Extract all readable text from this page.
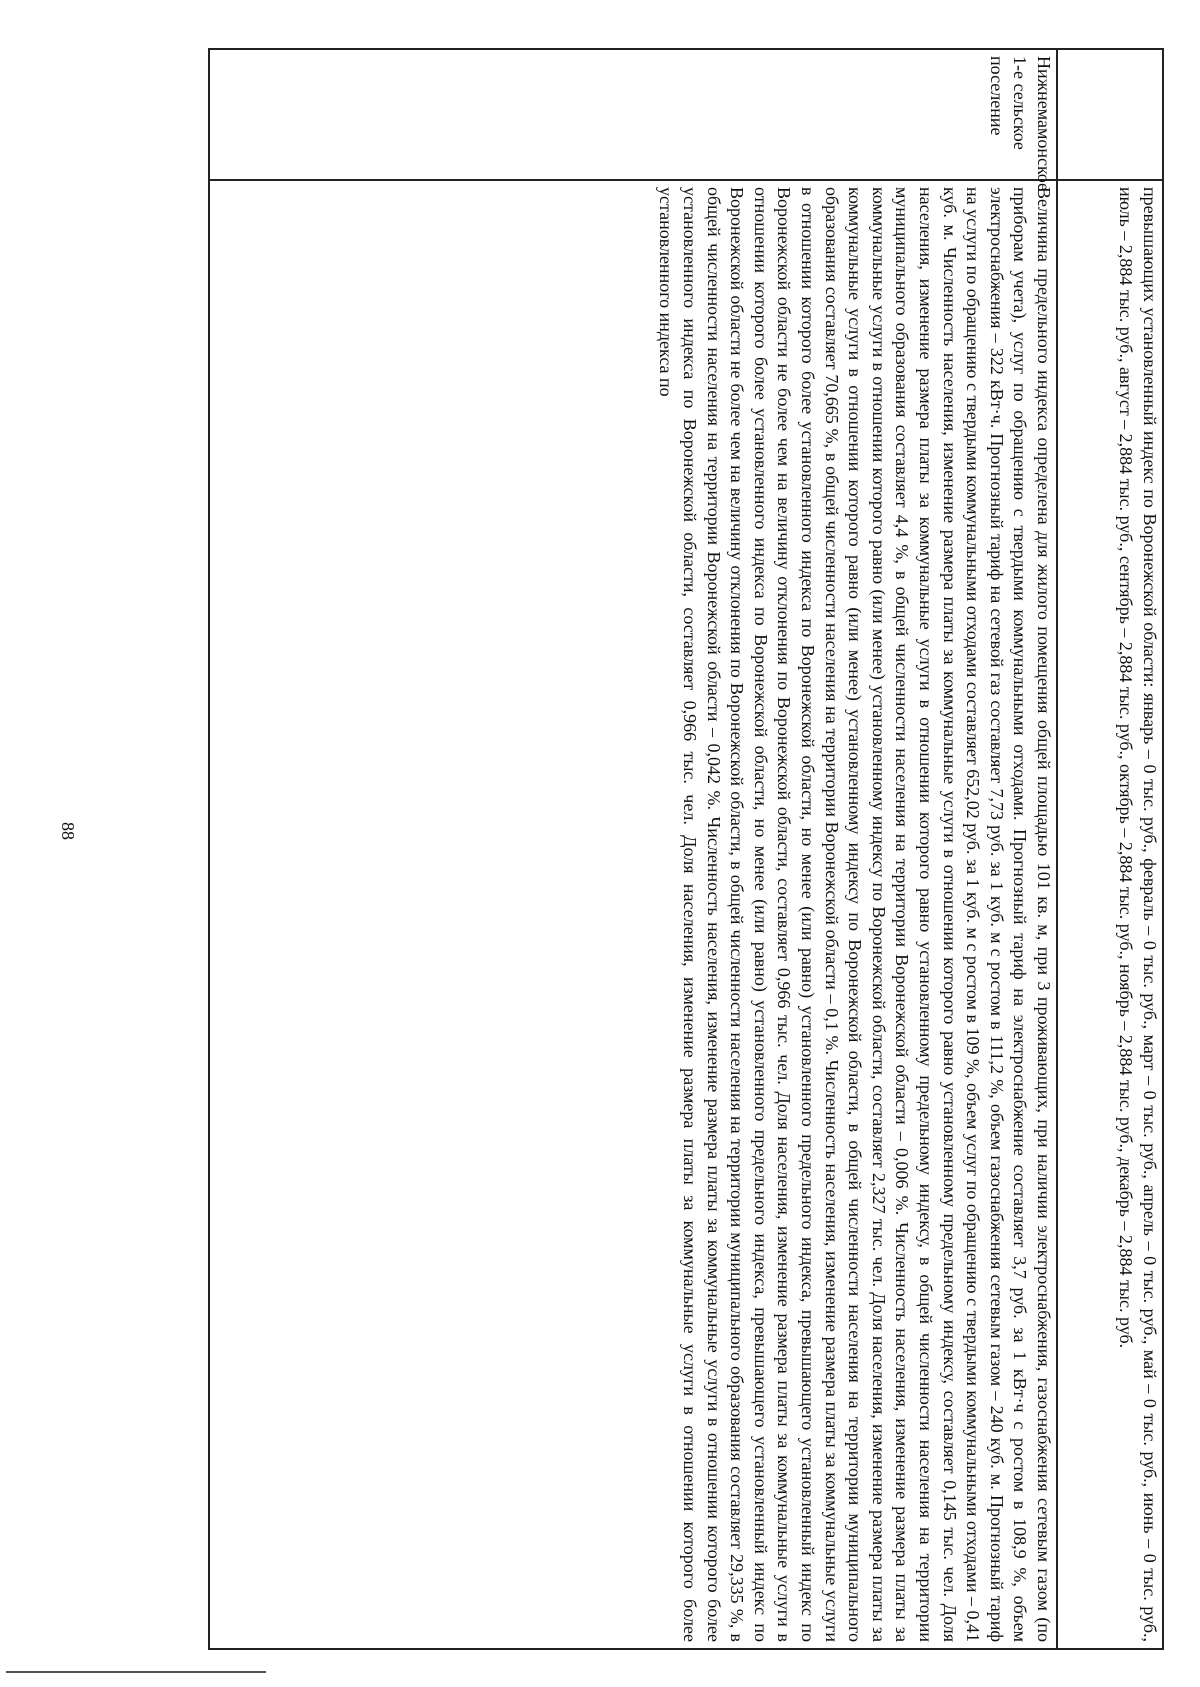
88
		превышающих установленный индекс по Воронежской области: январь – 0 тыс. руб., февраль – 0 тыс. руб., март – 0 тыс. руб., апрель – 0 тыс. руб., май – 0 тыс. руб., июнь – 0 тыс. руб., июль – 2,884 тыс. руб., август – 2,884 тыс. руб., сентябрь – 2,884 тыс. руб., октябрь – 2,884 тыс. руб., ноябрь – 2,884 тыс. руб., декабрь – 2,884 тыс. руб.
Нижнемамонское 1-е сельское поселение	Величина предельного индекса определена для жилого помещения общей площадью 101 кв. м, при 3 проживающих, при наличии электроснабжения, газоснабжения сетевым газом (по приборам учета), услуг по обращению с твердыми коммунальными отходами. Прогнозный тариф на электроснабжение составляет 3,7 руб. за 1 кВт·ч с ростом в 108,9 %, объем электроснабжения – 322 кВт·ч. Прогнозный тариф на сетевой газ составляет 7,73 руб. за 1 куб. м с ростом в 111,2 %, объем газоснабжения сетевым газом – 240 куб. м. Прогнозный тариф на услуги по обращению с твердыми коммунальными отходами составляет 652,02 руб. за 1 куб. м с ростом в 109 %, объем услуг по обращению с твердыми коммунальными отходами – 0,41 куб. м. Численность населения, изменение размера платы за коммунальные услуги в отношении которого равно установленному предельному индексу, составляет 0,145 тыс. чел. Доля населения, изменение размера платы за коммунальные услуги в отношении которого равно установленному предельному индексу, в общей численности населения на территории муниципального образования составляет 4,4 %, в общей численности населения на территории Воронежской области – 0,006 %. Численность населения, изменение размера платы за коммунальные услуги в отношении которого равно (или менее) установленному индексу по Воронежской области, составляет 2,327 тыс. чел. Доля населения, изменение размера платы за коммунальные услуги в отношении которого равно (или менее) установленному индексу по Воронежской области, в общей численности населения на территории муниципального образования составляет 70,665 %, в общей численности населения на территории Воронежской области – 0,1 %. Численность населения, изменение размера платы за коммунальные услуги в отношении которого более установленного индекса по Воронежской области, но менее (или равно) установленного предельного индекса, превышающего установленный индекс по Воронежской области не более чем на величину отклонения по Воронежской области, составляет 0,966 тыс. чел. Доля населения, изменение размера платы за коммунальные услуги в отношении которого более установленного индекса по Воронежской области, но менее (или равно) установленного предельного индекса, превышающего установленный индекс по Воронежской области не более чем на величину отклонения по Воронежской области, в общей численности населения на территории муниципального образования составляет 29,335 %, в общей численности населения на территории Воронежской области – 0,042 %. Численность населения, изменение размера платы за коммунальные услуги в отношении которого более установленного индекса по Воронежской области, составляет 0,966 тыс. чел. Доля населения, изменение размера платы за коммунальные услуги в отношении которого более установленного индекса по
